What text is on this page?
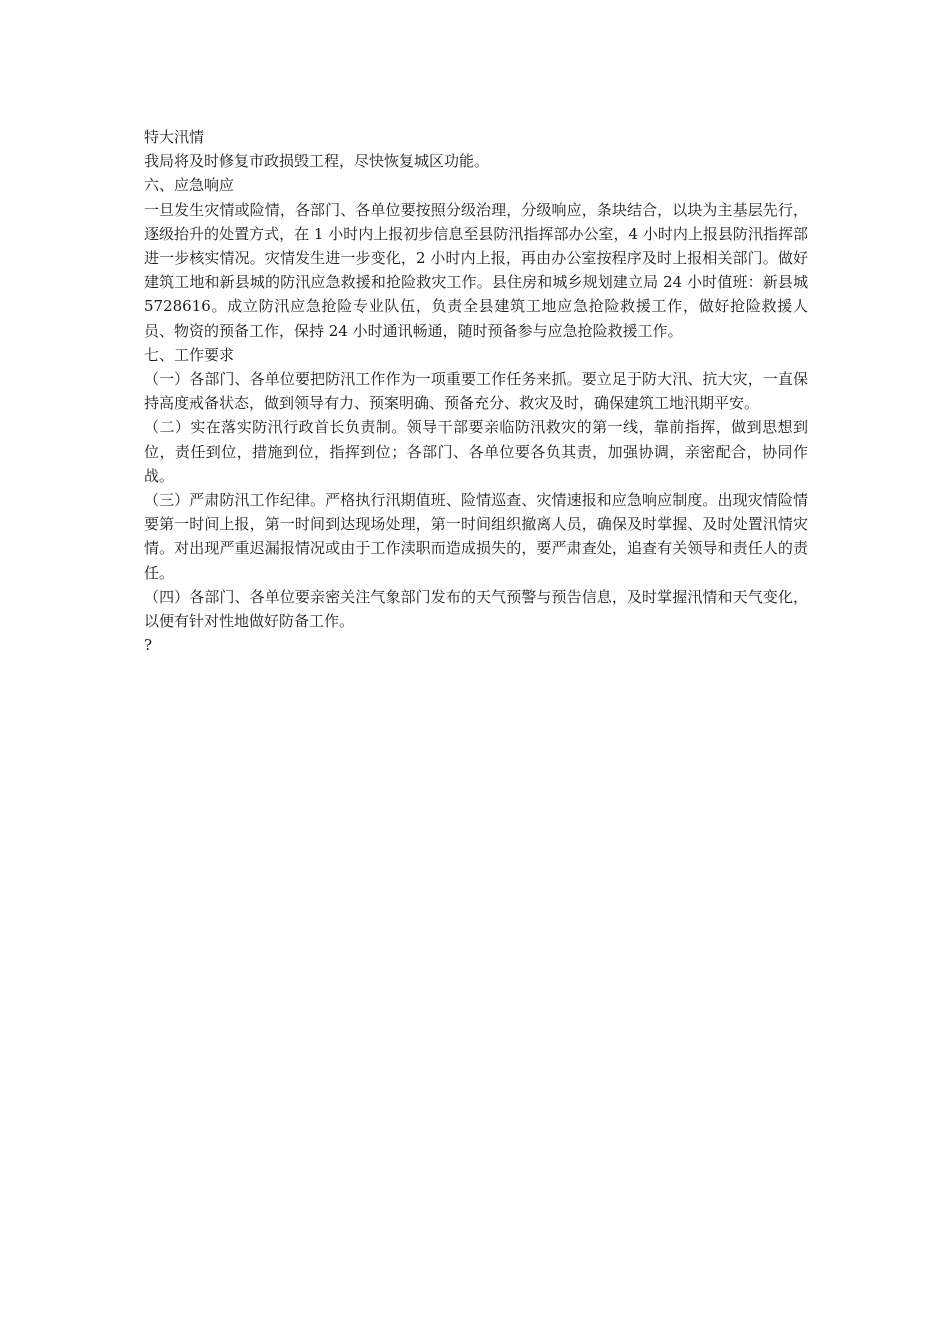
特大汛情

我局将及时修复市政损毁工程，尽快恢复城区功能。

六、应急响应

一旦发生灾情或险情，各部门、各单位要按照分级治理，分级响应，条块结合，以块为主基层先行，逐级抬升的处置方式，在 1 小时内上报初步信息至县防汛指挥部办公室，4 小时内上报县防汛指挥部进一步核实情况。灾情发生进一步变化，2 小时内上报，再由办公室按程序及时上报相关部门。做好建筑工地和新县城的防汛应急救援和抢险救灾工作。县住房和城乡规划建立局 24 小时值班：新县城 5728616。成立防汛应急抢险专业队伍，负责全县建筑工地应急抢险救援工作，做好抢险救援人员、物资的预备工作，保持 24 小时通讯畅通，随时预备参与应急抢险救援工作。

七、工作要求

（一）各部门、各单位要把防汛工作作为一项重要工作任务来抓。要立足于防大汛、抗大灾，一直保持高度戒备状态，做到领导有力、预案明确、预备充分、救灾及时，确保建筑工地汛期平安。

（二）实在落实防汛行政首长负责制。领导干部要亲临防汛救灾的第一线，靠前指挥，做到思想到位，责任到位，措施到位，指挥到位；各部门、各单位要各负其责，加强协调，亲密配合，协同作战。

（三）严肃防汛工作纪律。严格执行汛期值班、险情巡查、灾情速报和应急响应制度。出现灾情险情要第一时间上报，第一时间到达现场处理，第一时间组织撤离人员，确保及时掌握、及时处置汛情灾情。对出现严重迟漏报情况或由于工作渎职而造成损失的，要严肃查处，追查有关领导和责任人的责任。

（四）各部门、各单位要亲密关注气象部门发布的天气预警与预告信息，及时掌握汛情和天气变化，以便有针对性地做好防备工作。

?
